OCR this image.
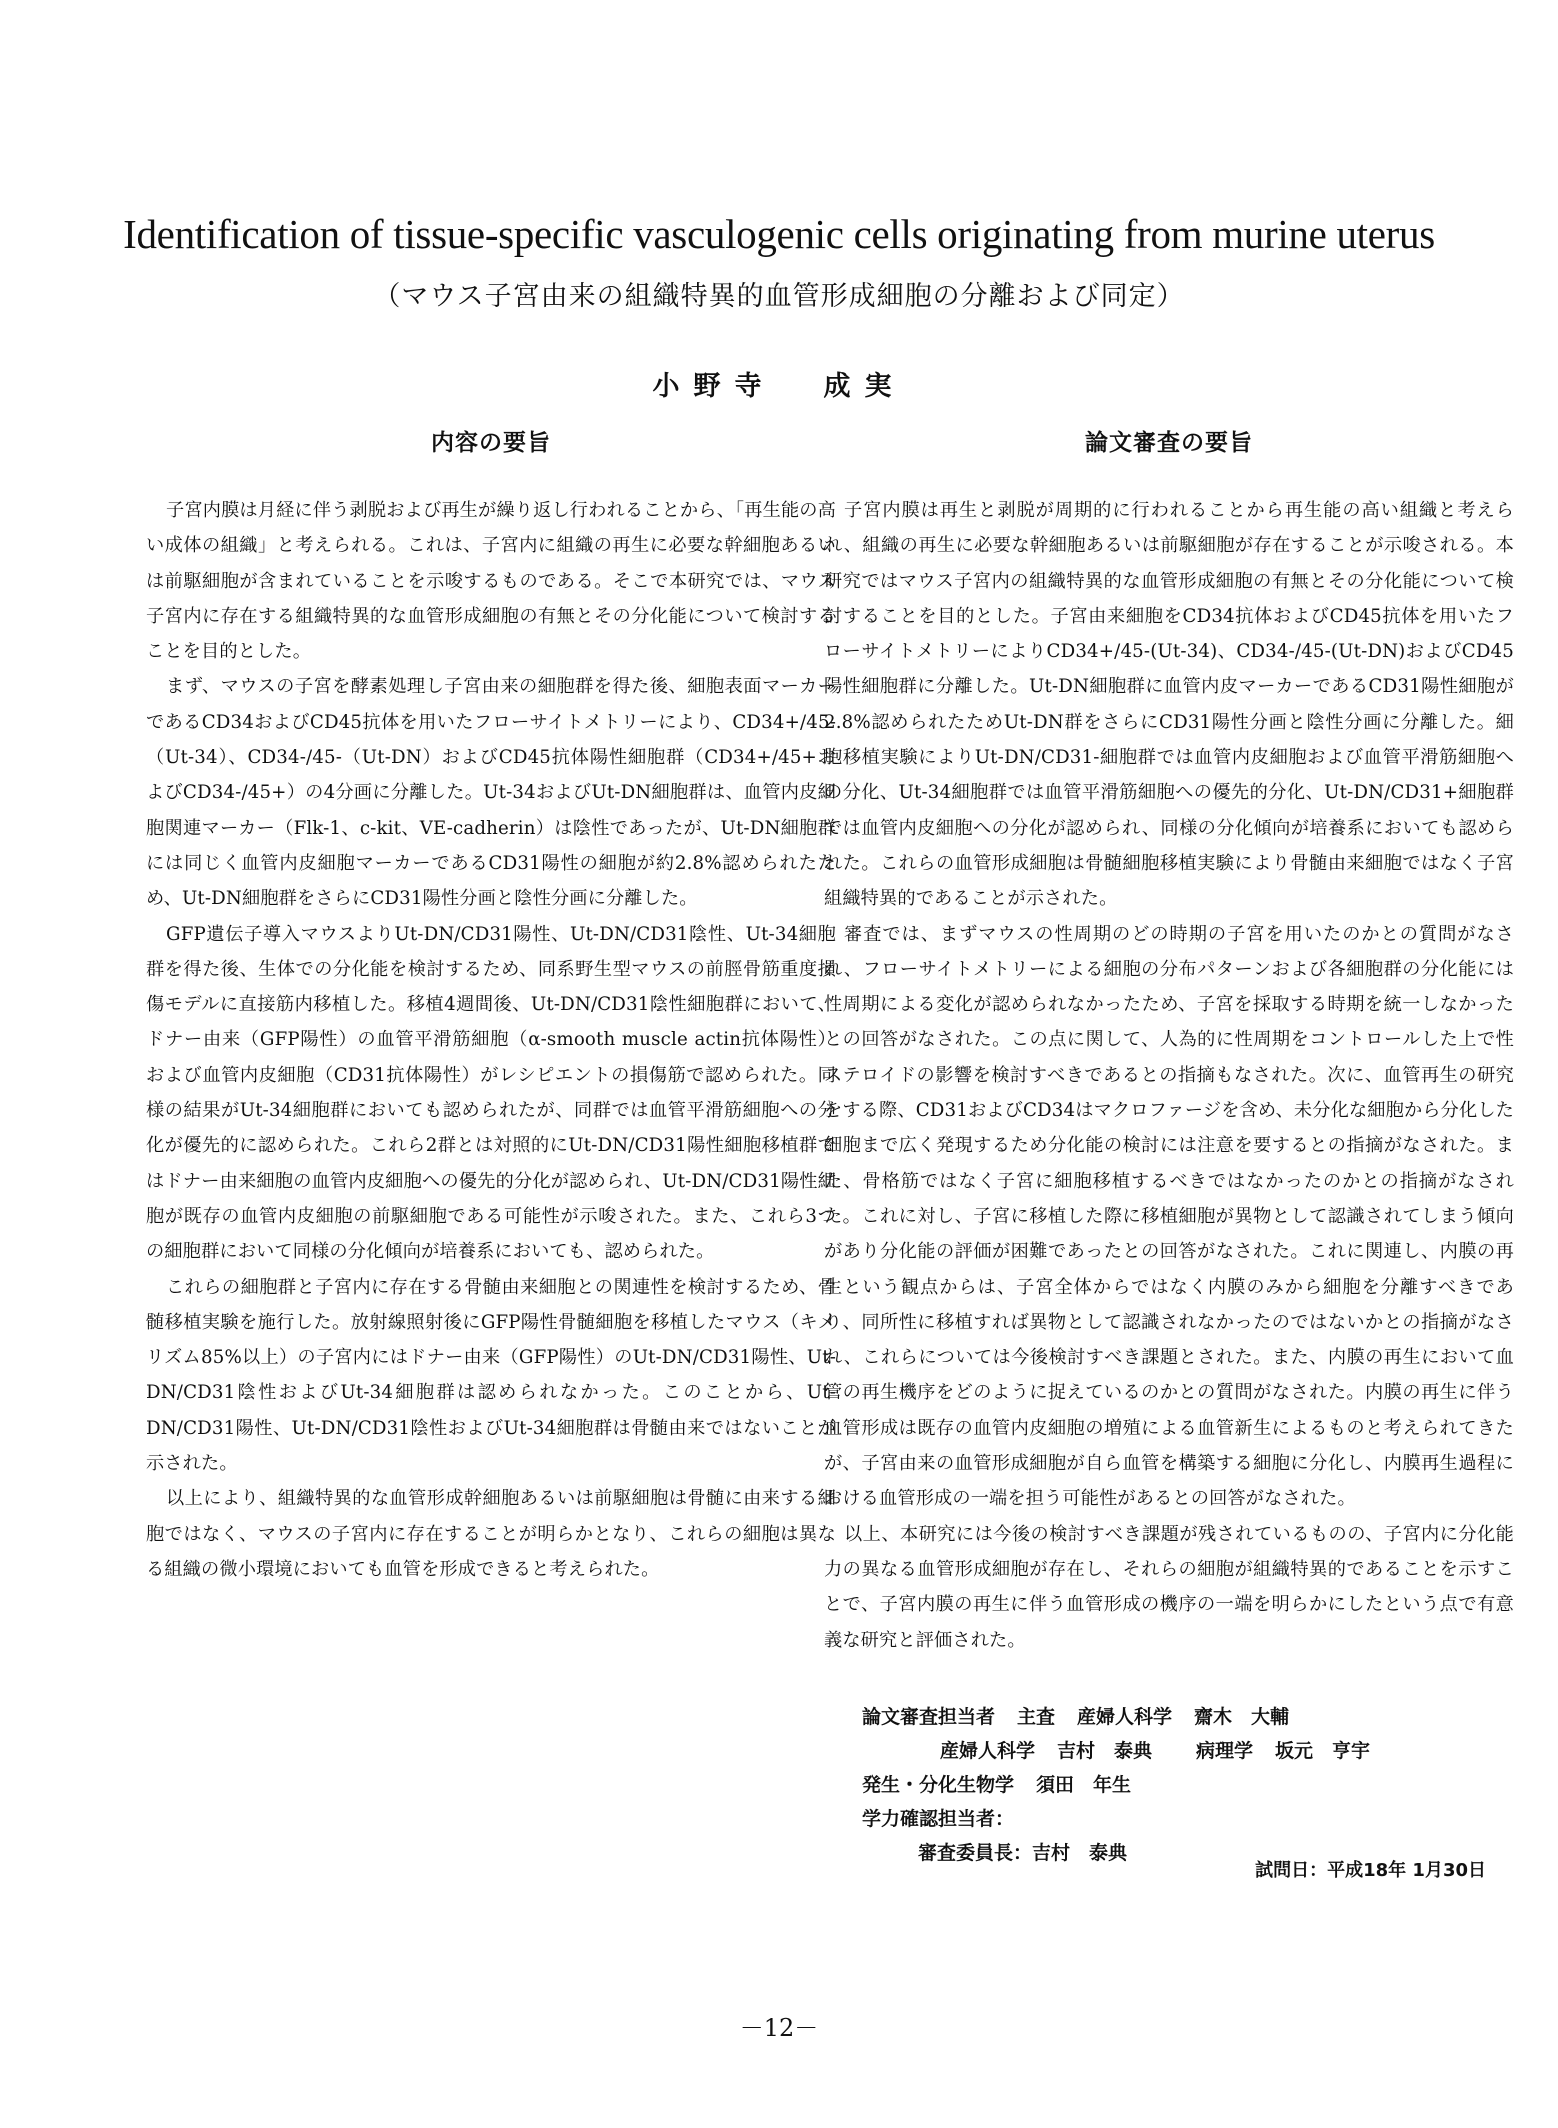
Identification of tissue-specific vasculogenic cells originating from murine uterus
（マウス子宮由来の組織特異的血管形成細胞の分離および同定）
小野寺 成実
内容の要旨

子宮内膜は月経に伴う剥脱および再生が繰り返し行われることから、「再生能の高い成体の組織」と考えられる。これは、子宮内に組織の再生に必要な幹細胞あるいは前駆細胞が含まれていることを示唆するものである。そこで本研究では、マウス子宮内に存在する組織特異的な血管形成細胞の有無とその分化能について検討することを目的とした。

まず、マウスの子宮を酵素処理し子宮由来の細胞群を得た後、細胞表面マーカーであるCD34およびCD45抗体を用いたフローサイトメトリーにより、CD34+/45-（Ut-34）、CD34-/45-（Ut-DN）およびCD45抗体陽性細胞群（CD34+/45+およびCD34-/45+）の4分画に分離した。Ut-34およびUt-DN細胞群は、血管内皮細胞関連マーカー（Flk-1、c-kit、VE-cadherin）は陰性であったが、Ut-DN細胞群には同じく血管内皮細胞マーカーであるCD31陽性の細胞が約2.8%認められたため、Ut-DN細胞群をさらにCD31陽性分画と陰性分画に分離した。

GFP遺伝子導入マウスよりUt-DN/CD31陽性、Ut-DN/CD31陰性、Ut-34細胞群を得た後、生体での分化能を検討するため、同系野生型マウスの前脛骨筋重度損傷モデルに直接筋内移植した。移植4週間後、Ut-DN/CD31陰性細胞群において、ドナー由来（GFP陽性）の血管平滑筋細胞（α-smooth muscle actin抗体陽性）および血管内皮細胞（CD31抗体陽性）がレシピエントの損傷筋で認められた。同様の結果がUt-34細胞群においても認められたが、同群では血管平滑筋細胞への分化が優先的に認められた。これら2群とは対照的にUt-DN/CD31陽性細胞移植群ではドナー由来細胞の血管内皮細胞への優先的分化が認められ、Ut-DN/CD31陽性細胞が既存の血管内皮細胞の前駆細胞である可能性が示唆された。また、これら3つの細胞群において同様の分化傾向が培養系においても、認められた。

これらの細胞群と子宮内に存在する骨髄由来細胞との関連性を検討するため、骨髄移植実験を施行した。放射線照射後にGFP陽性骨髄細胞を移植したマウス（キメリズム85%以上）の子宮内にはドナー由来（GFP陽性）のUt-DN/CD31陽性、Ut-DN/CD31陰性およびUt-34細胞群は認められなかった。このことから、Ut-DN/CD31陽性、Ut-DN/CD31陰性およびUt-34細胞群は骨髄由来ではないことが示された。

以上により、組織特異的な血管形成幹細胞あるいは前駆細胞は骨髄に由来する細胞ではなく、マウスの子宮内に存在することが明らかとなり、これらの細胞は異なる組織の微小環境においても血管を形成できると考えられた。

論文審査の要旨

子宮内膜は再生と剥脱が周期的に行われることから再生能の高い組織と考えられ、組織の再生に必要な幹細胞あるいは前駆細胞が存在することが示唆される。本研究ではマウス子宮内の組織特異的な血管形成細胞の有無とその分化能について検討することを目的とした。子宮由来細胞をCD34抗体およびCD45抗体を用いたフローサイトメトリーによりCD34+/45-(Ut-34)、CD34-/45-(Ut-DN)およびCD45陽性細胞群に分離した。Ut-DN細胞群に血管内皮マーカーであるCD31陽性細胞が2.8%認められたためUt-DN群をさらにCD31陽性分画と陰性分画に分離した。細胞移植実験によりUt-DN/CD31-細胞群では血管内皮細胞および血管平滑筋細胞への分化、Ut-34細胞群では血管平滑筋細胞への優先的分化、Ut-DN/CD31+細胞群では血管内皮細胞への分化が認められ、同様の分化傾向が培養系においても認められた。これらの血管形成細胞は骨髄細胞移植実験により骨髄由来細胞ではなく子宮組織特異的であることが示された。

審査では、まずマウスの性周期のどの時期の子宮を用いたのかとの質問がなされ、フローサイトメトリーによる細胞の分布パターンおよび各細胞群の分化能には性周期による変化が認められなかったため、子宮を採取する時期を統一しなかったとの回答がなされた。この点に関して、人為的に性周期をコントロールした上で性ステロイドの影響を検討すべきであるとの指摘もなされた。次に、血管再生の研究をする際、CD31およびCD34はマクロファージを含め、未分化な細胞から分化した細胞まで広く発現するため分化能の検討には注意を要するとの指摘がなされた。また、骨格筋ではなく子宮に細胞移植するべきではなかったのかとの指摘がなされた。これに対し、子宮に移植した際に移植細胞が異物として認識されてしまう傾向があり分化能の評価が困難であったとの回答がなされた。これに関連し、内膜の再生という観点からは、子宮全体からではなく内膜のみから細胞を分離すべきであり、同所性に移植すれば異物として認識されなかったのではないかとの指摘がなされ、これらについては今後検討すべき課題とされた。また、内膜の再生において血管の再生機序をどのように捉えているのかとの質問がなされた。内膜の再生に伴う血管形成は既存の血管内皮細胞の増殖による血管新生によるものと考えられてきたが、子宮由来の血管形成細胞が自ら血管を構築する細胞に分化し、内膜再生過程における血管形成の一端を担う可能性があるとの回答がなされた。

以上、本研究には今後の検討すべき課題が残されているものの、子宮内に分化能力の異なる血管形成細胞が存在し、それらの細胞が組織特異的であることを示すことで、子宮内膜の再生に伴う血管形成の機序の一端を明らかにしたという点で有意義な研究と評価された。

論文審査担当者 主査 産婦人科学 齋木　大輔
産婦人科学 吉村　泰典 病理学 坂元　亨宇
発生・分化生物学 須田　年生
学力確認担当者：
審査委員長：吉村　泰典
試問日：平成18年 1月30日
－12－
